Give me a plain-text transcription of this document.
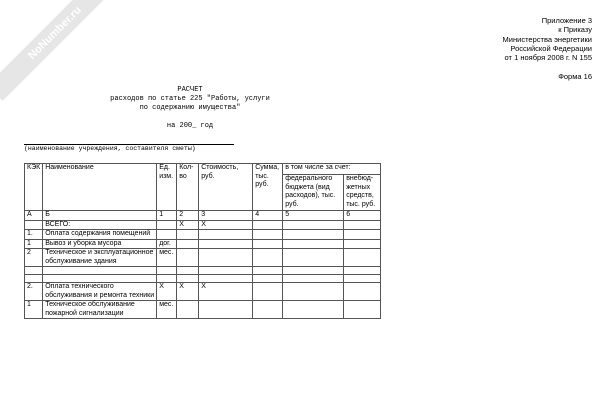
NoNumber.ru	Приложение 3
к Приказу
Министерства энергетики
Российской Федерации
от 1 ноября 2008 г. N 155
Форма 16
РАСЧЕТ
расходов по статье 225 "Работы, услуги
по содержанию имущества"
на 200_ год
(наименование учреждения, составителя сметы)
КЭК	Наименование	Ед. изм.	Кол-во	Стоимость, руб.	Сумма, тыс. руб.	в том числе за счет:	
						федерального бюджета (вид расходов), тыс. руб.	внебюд-жетных средств, тыс. руб.
А	Б	1	2	3	4	5	6
	ВСЕГО:		Х	Х			
1.	Оплата содержания помещений						
1	Вывоз и уборка мусора	дог.					
2	Техническое и эксплуатационное обслуживание здания	мес.					

2.	Оплата технического обслуживания и ремонта техники	Х	Х	Х			
1	Техническое обслуживание пожарной сигнализации	мес.					
